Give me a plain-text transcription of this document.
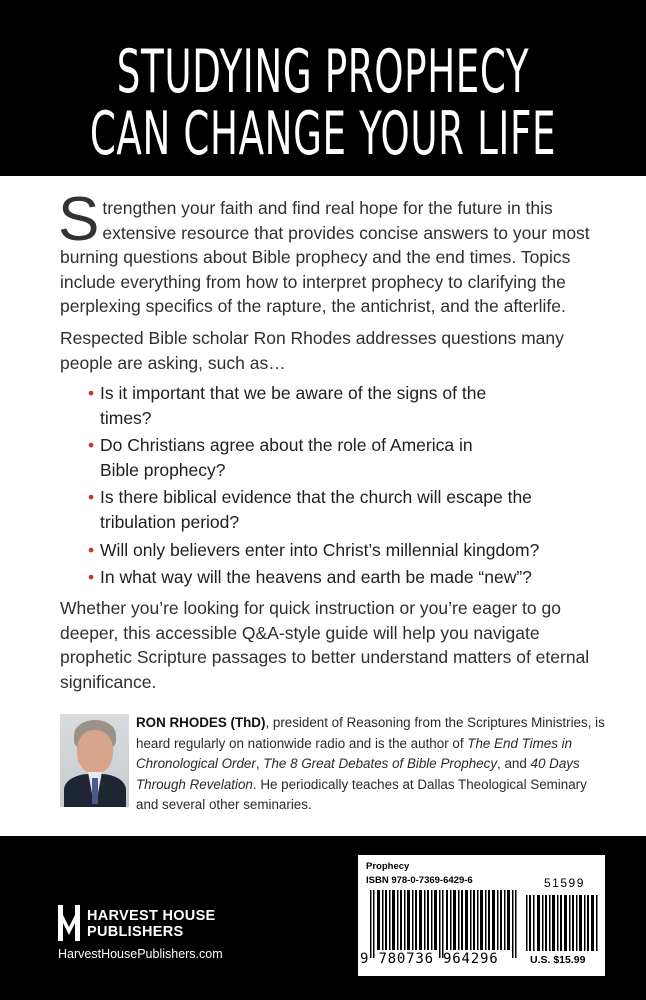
STUDYING PROPHECY
CAN CHANGE YOUR LIFE
Strengthen your faith and find real hope for the future in this extensive resource that provides concise answers to your most burning questions about Bible prophecy and the end times. Topics include everything from how to interpret prophecy to clarifying the perplexing specifics of the rapture, the antichrist, and the afterlife.
Respected Bible scholar Ron Rhodes addresses questions many people are asking, such as…
• Is it important that we be aware of the signs of the times?
• Do Christians agree about the role of America in Bible prophecy?
• Is there biblical evidence that the church will escape the tribulation period?
• Will only believers enter into Christ’s millennial kingdom?
• In what way will the heavens and earth be made “new”?
Whether you’re looking for quick instruction or you’re eager to go deeper, this accessible Q&A-style guide will help you navigate prophetic Scripture passages to better understand matters of eternal significance.
RON RHODES (ThD), president of Reasoning from the Scriptures Ministries, is heard regularly on nationwide radio and is the author of The End Times in Chronological Order, The 8 Great Debates of Bible Prophecy, and 40 Days Through Revelation. He periodically teaches at Dallas Theological Seminary and several other seminaries.
®
HARVEST HOUSE
PUBLISHERS
HarvestHousePublishers.com
Prophecy
ISBN 978-0-7369-6429-6	51599
9 780736 964296	U.S. $15.99
